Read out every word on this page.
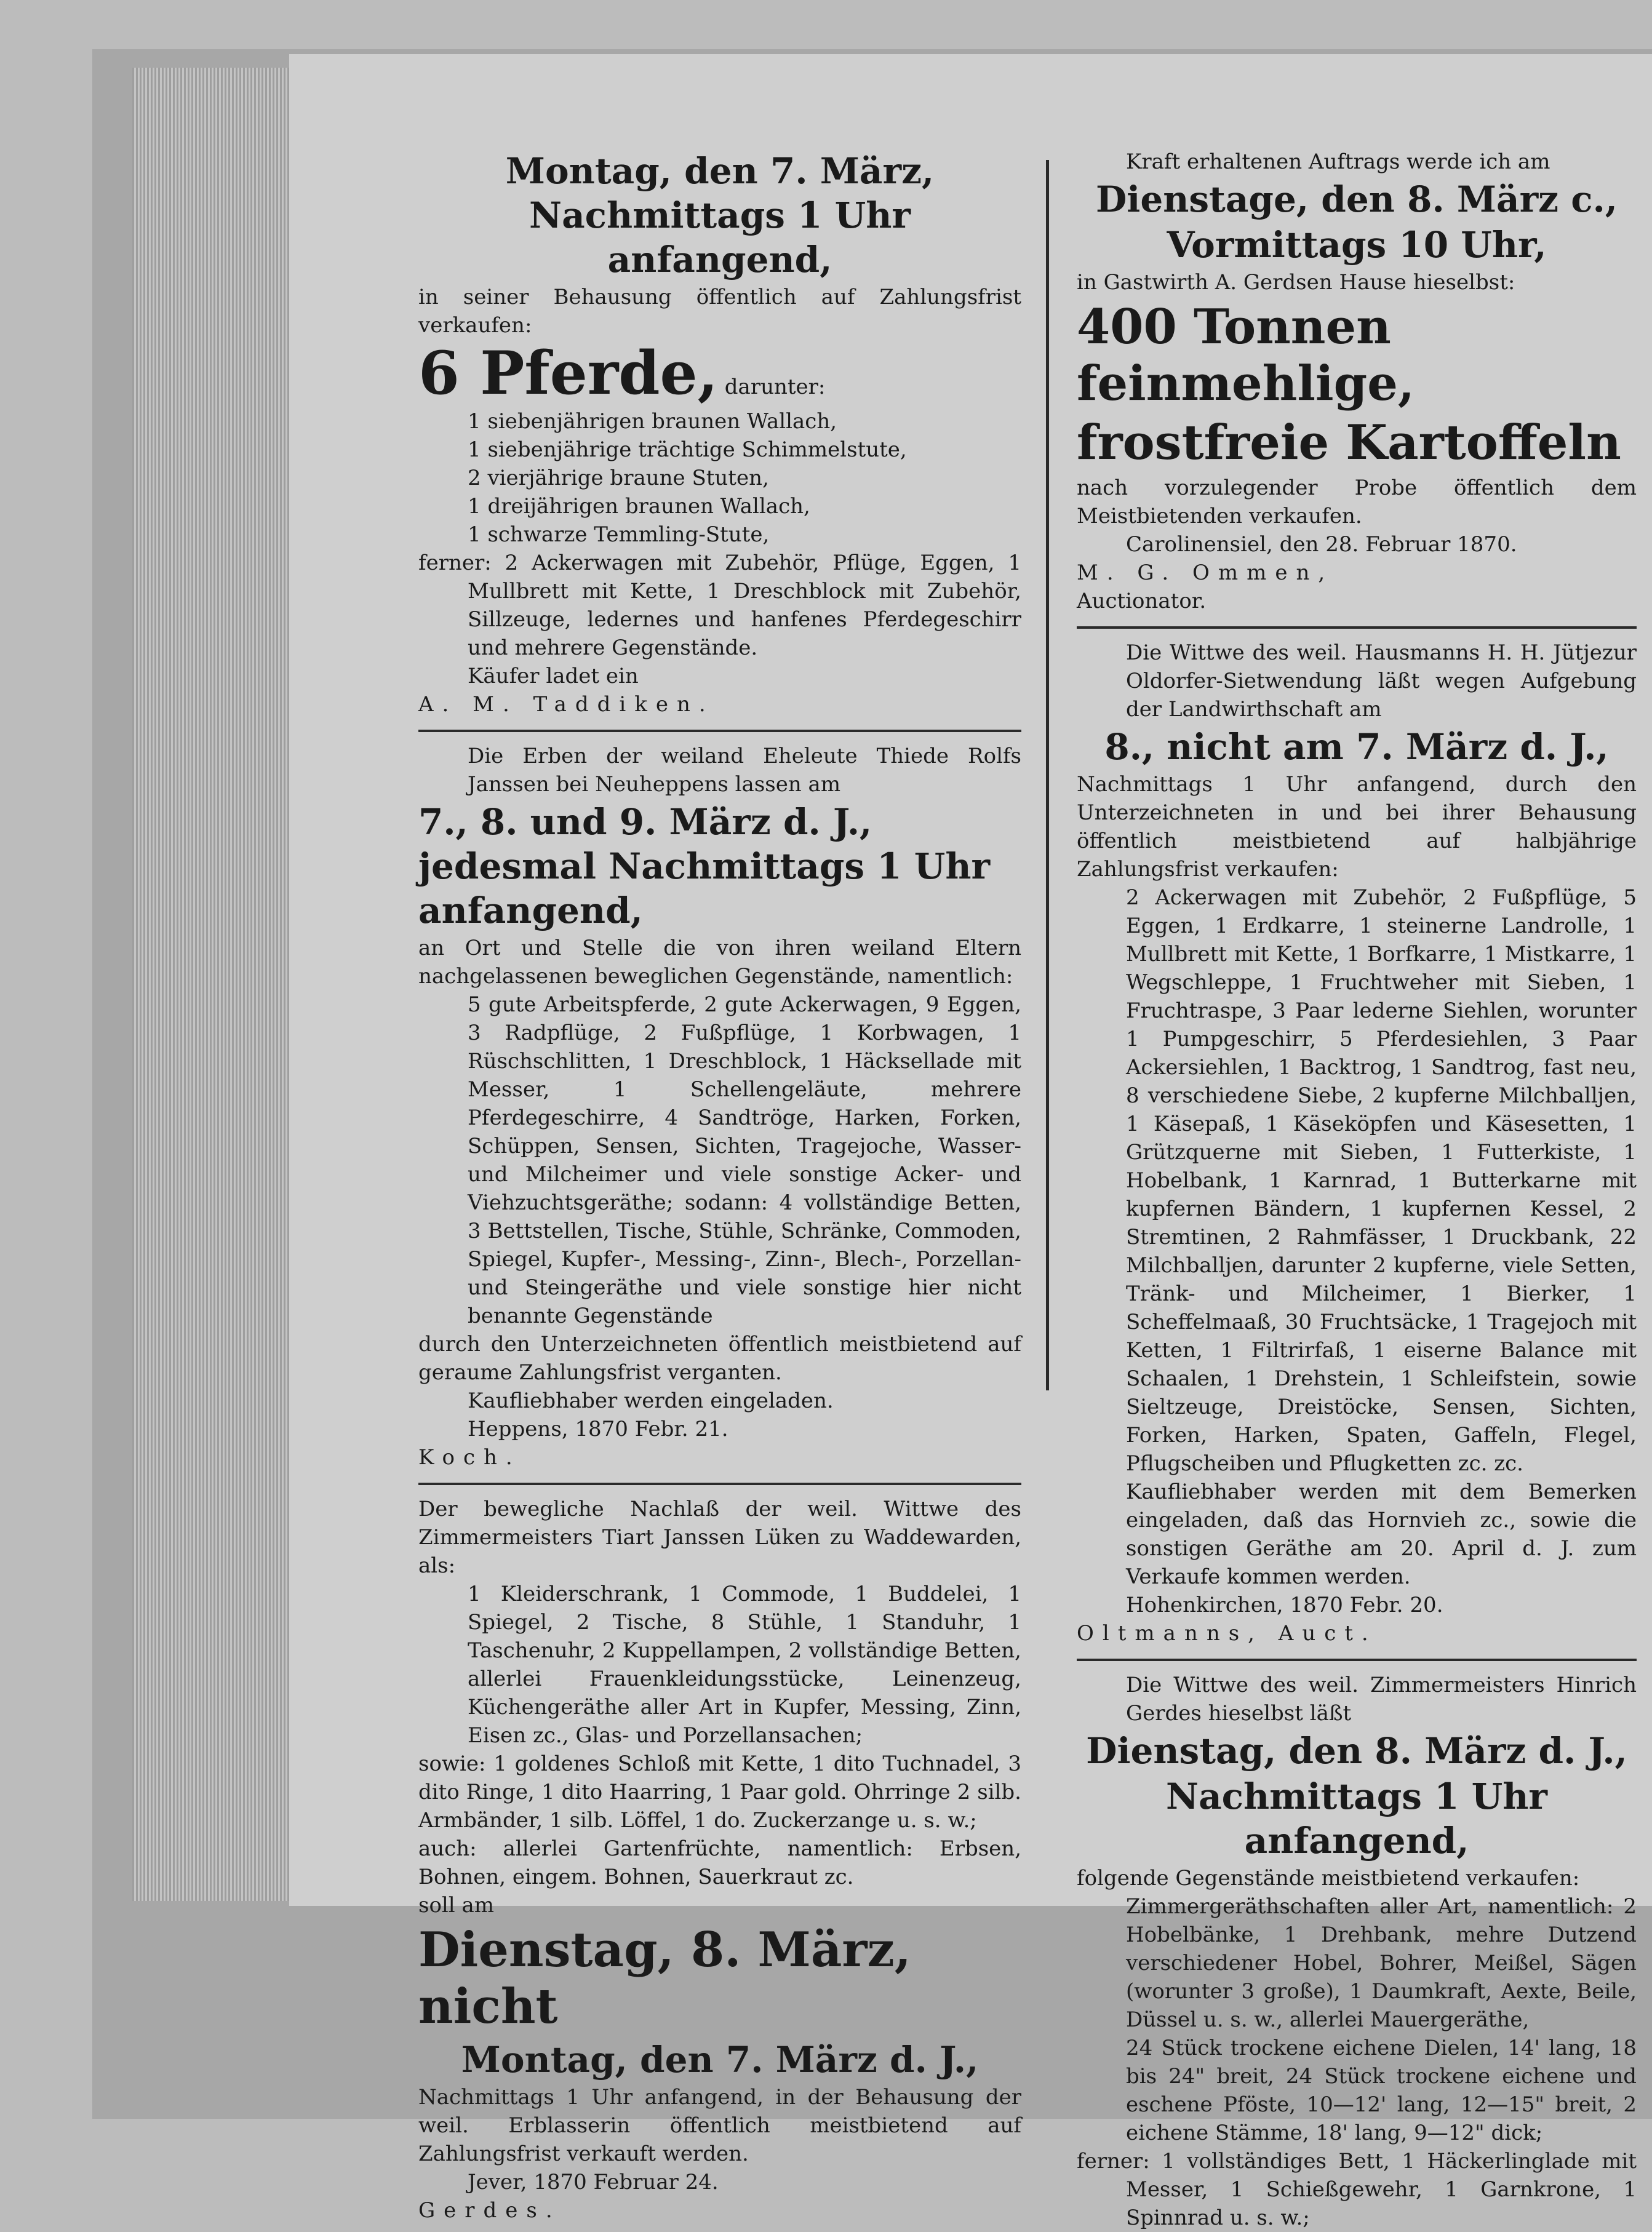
Montag, den 7. März, Nachmittags 1 Uhr anfangend,

in seiner Behausung öffentlich auf Zahlungsfrist verkaufen:

6 Pferde, darunter:

1 siebenjährigen braunen Wallach,

1 siebenjährige trächtige Schimmelstute,

2 vierjährige braune Stuten,

1 dreijährigen braunen Wallach,

1 schwarze Temmling-Stute,

ferner: 2 Ackerwagen mit Zubehör, Pflüge, Eggen, 1 Mullbrett mit Kette, 1 Dreschblock mit Zubehör, Sillzeuge, ledernes und hanfenes Pferdegeschirr und mehrere Gegenstände.

Käufer ladet ein

A. M. Taddiken.

Die Erben der weiland Eheleute Thiede Rolfs Janssen bei Neuheppens lassen am

7., 8. und 9. März d. J., jedesmal Nachmittags 1 Uhr anfangend,

an Ort und Stelle die von ihren weiland Eltern nachgelassenen beweglichen Gegenstände, namentlich:

5 gute Arbeitspferde, 2 gute Ackerwagen, 9 Eggen, 3 Radpflüge, 2 Fußpflüge, 1 Korbwagen, 1 Rüschschlitten, 1 Dreschblock, 1 Häcksellade mit Messer, 1 Schellengeläute, mehrere Pferdegeschirre, 4 Sandtröge, Harken, Forken, Schüppen, Sensen, Sichten, Tragejoche, Wasser- und Milcheimer und viele sonstige Acker- und Viehzuchtsgeräthe; sodann: 4 vollständige Betten, 3 Bettstellen, Tische, Stühle, Schränke, Commoden, Spiegel, Kupfer-, Messing-, Zinn-, Blech-, Porzellan- und Steingeräthe und viele sonstige hier nicht benannte Gegenstände

durch den Unterzeichneten öffentlich meistbietend auf geraume Zahlungsfrist verganten.

Kaufliebhaber werden eingeladen.

Heppens, 1870 Febr. 21.

Koch.

Der bewegliche Nachlaß der weil. Wittwe des Zimmermeisters Tiart Janssen Lüken zu Waddewarden, als:

1 Kleiderschrank, 1 Commode, 1 Buddelei, 1 Spiegel, 2 Tische, 8 Stühle, 1 Standuhr, 1 Taschenuhr, 2 Kuppellampen, 2 vollständige Betten, allerlei Frauenkleidungsstücke, Leinenzeug, Küchengeräthe aller Art in Kupfer, Messing, Zinn, Eisen zc., Glas- und Porzellansachen;

sowie: 1 goldenes Schloß mit Kette, 1 dito Tuchnadel, 3 dito Ringe, 1 dito Haarring, 1 Paar gold. Ohrringe 2 silb. Armbänder, 1 silb. Löffel, 1 do. Zuckerzange u. s. w.;

auch: allerlei Gartenfrüchte, namentlich: Erbsen, Bohnen, eingem. Bohnen, Sauerkraut zc.

soll am

Dienstag, 8. März, nicht

Montag, den 7. März d. J.,

Nachmittags 1 Uhr anfangend, in der Behausung der weil. Erblasserin öffentlich meistbietend auf Zahlungsfrist verkauft werden.

Jever, 1870 Februar 24.

Gerdes.

Kraft erhaltenen Auftrags werde ich am

Dienstage, den 8. März c.,

Vormittags 10 Uhr,

in Gastwirth A. Gerdsen Hause hieselbst:

400 Tonnen feinmehlige,

frostfreie Kartoffeln

nach vorzulegender Probe öffentlich dem Meistbietenden verkaufen.

Carolinensiel, den 28. Februar 1870.

M. G. Ommen,

Auctionator.

Die Wittwe des weil. Hausmanns H. H. Jütjezur Oldorfer-Sietwendung läßt wegen Aufgebung der Landwirthschaft am

8., nicht am 7. März d. J.,

Nachmittags 1 Uhr anfangend, durch den Unterzeichneten in und bei ihrer Behausung öffentlich meistbietend auf halbjährige Zahlungsfrist verkaufen:

2 Ackerwagen mit Zubehör, 2 Fußpflüge, 5 Eggen, 1 Erdkarre, 1 steinerne Landrolle, 1 Mullbrett mit Kette, 1 Borfkarre, 1 Mistkarre, 1 Wegschleppe, 1 Fruchtweher mit Sieben, 1 Fruchtraspe, 3 Paar lederne Siehlen, worunter 1 Pumpgeschirr, 5 Pferdesiehlen, 3 Paar Ackersiehlen, 1 Backtrog, 1 Sandtrog, fast neu, 8 verschiedene Siebe, 2 kupferne Milchballjen, 1 Käsepaß, 1 Käseköpfen und Käsesetten, 1 Grützquerne mit Sieben, 1 Futterkiste, 1 Hobelbank, 1 Karnrad, 1 Butterkarne mit kupfernen Bändern, 1 kupfernen Kessel, 2 Stremtinen, 2 Rahmfässer, 1 Druckbank, 22 Milchballjen, darunter 2 kupferne, viele Setten, Tränk- und Milcheimer, 1 Bierker, 1 Scheffelmaaß, 30 Fruchtsäcke, 1 Tragejoch mit Ketten, 1 Filtrirfaß, 1 eiserne Balance mit Schaalen, 1 Drehstein, 1 Schleifstein, sowie Sieltzeuge, Dreistöcke, Sensen, Sichten, Forken, Harken, Spaten, Gaffeln, Flegel, Pflugscheiben und Pflugketten zc. zc.

Kaufliebhaber werden mit dem Bemerken eingeladen, daß das Hornvieh zc., sowie die sonstigen Geräthe am 20. April d. J. zum Verkaufe kommen werden.

Hohenkirchen, 1870 Febr. 20.

Oltmanns, Auct.

Die Wittwe des weil. Zimmermeisters Hinrich Gerdes hieselbst läßt

Dienstag, den 8. März d. J.,

Nachmittags 1 Uhr anfangend,

folgende Gegenstände meistbietend verkaufen:

Zimmergeräthschaften aller Art, namentlich: 2 Hobelbänke, 1 Drehbank, mehre Dutzend verschiedener Hobel, Bohrer, Meißel, Sägen (worunter 3 große), 1 Daumkraft, Aexte, Beile, Düssel u. s. w., allerlei Mauergeräthe,

24 Stück trockene eichene Dielen, 14' lang, 18 bis 24" breit, 24 Stück trockene eichene und eschene Pföste, 10—12' lang, 12—15" breit, 2 eichene Stämme, 18' lang, 9—12" dick;

ferner: 1 vollständiges Bett, 1 Häckerlinglade mit Messer, 1 Schießgewehr, 1 Garnkrone, 1 Spinnrad u. s. w.;
